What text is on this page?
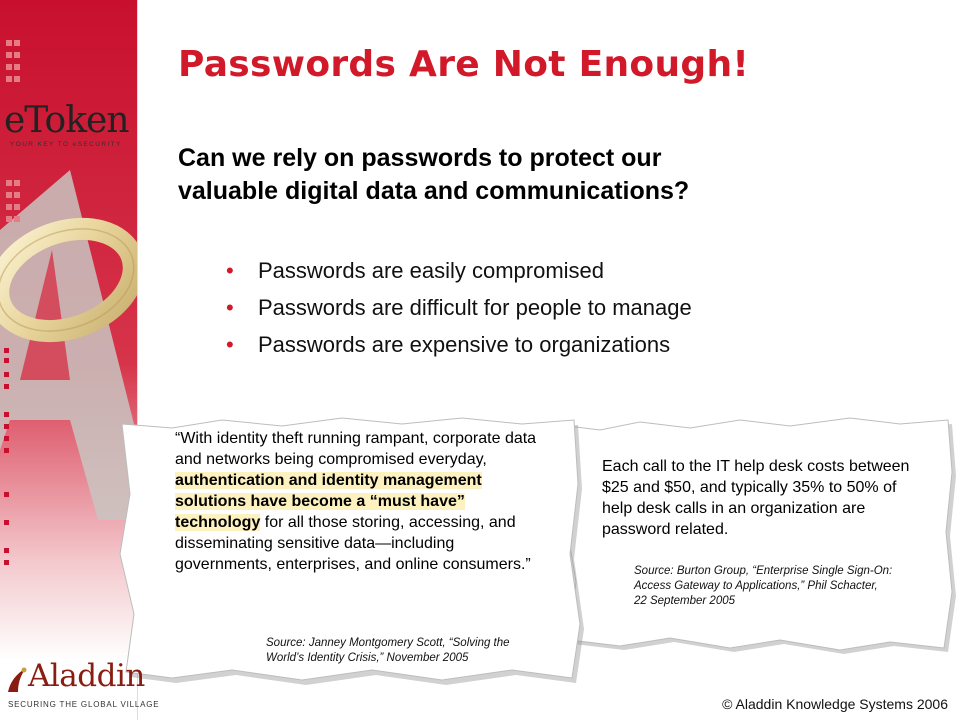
eToken
YOUR KEY TO eSECURITY
Passwords Are Not Enough!
Can we rely on passwords to protect our
valuable digital data and communications?
• Passwords are easily compromised
• Passwords are difficult for people to manage
• Passwords are expensive to organizations
Each call to the IT help desk costs between $25 and $50, and typically 35% to 50% of help desk calls in an organization are password related.
Source: Burton Group, “Enterprise Single Sign-On:
Access Gateway to Applications,” Phil Schacter,
22 September 2005
“With identity theft running rampant, corporate data and networks being compromised everyday, authentication and identity management solutions have become a “must have” technology for all those storing, accessing, and disseminating sensitive data—including governments, enterprises, and online consumers.”
Source: Janney Montgomery Scott, “Solving the
World’s Identity Crisis,” November 2005
Aladdin
SECURING THE GLOBAL VILLAGE	© Aladdin Knowledge Systems 2006
